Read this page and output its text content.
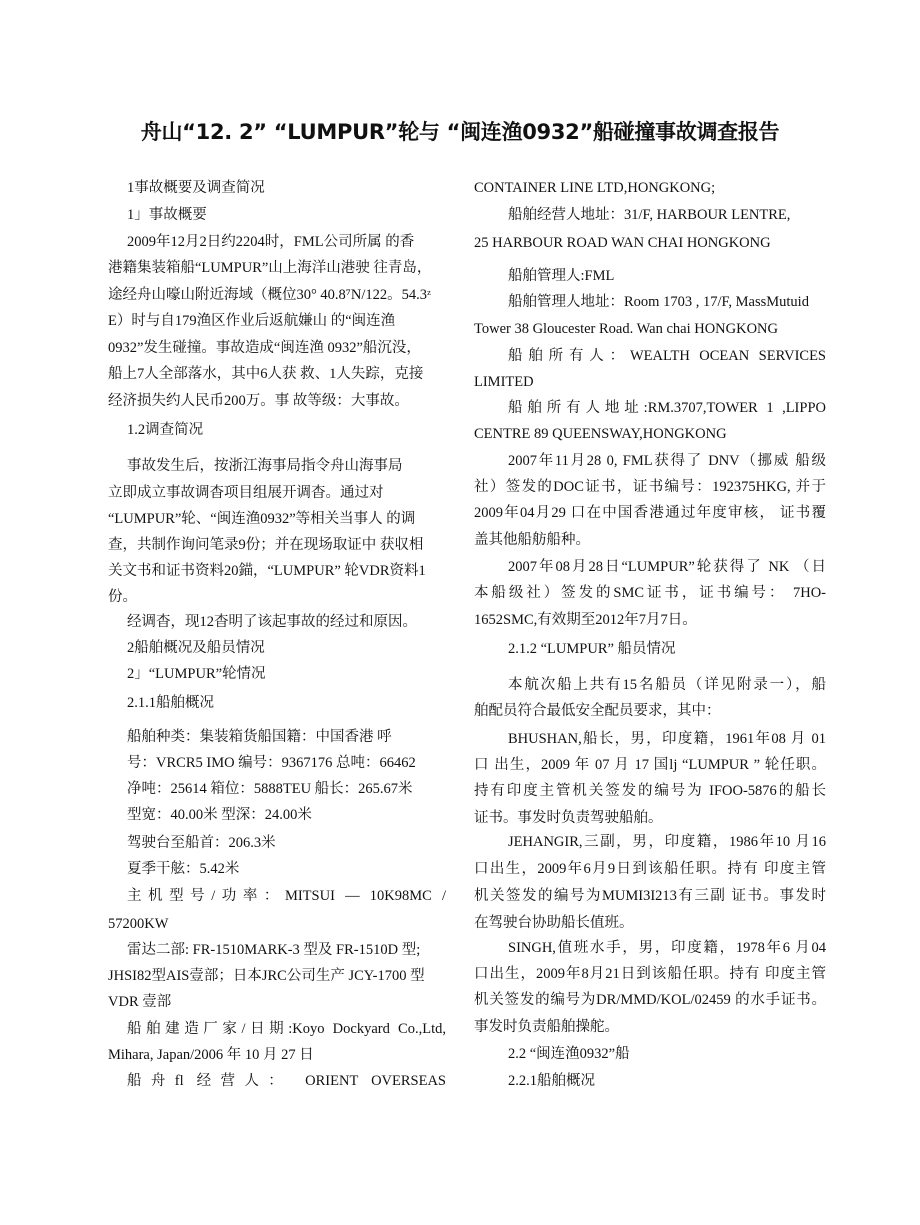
舟山“12. 2” “LUMPUR”轮与 “闽连渔0932”船碰撞事故调查报告
1事故概要及调查简况
1」事故概要
2009年12月2日约2204时，FML公司所属 的香
港籍集装箱船“LUMPUR”山上海洋山港驶 往青岛，
途经舟山嚎山附近海域（概位30° 40.8⁷N/122。54.3ᶻ
E）时与自179渔区作业后返航嫌山 的“闽连渔
0932”发生碰撞。事故造成“闽连渔 0932”船沉没，
船上7人全部落水，其中6人获 救、1人失踪，克接
经济损失约人民币200万。事 故等级：大事故。
1.2调查简况
事故发生后，按浙江海事局指令舟山海事局
立即成立事故调杳项目组展开调杳。通过对
“LUMPUR”轮、“闽连渔0932”等相关当事人 的调
查，共制作询问笔录9份；并在现场取证中 获収相
关文书和证书资料20錨，“LUMPUR” 轮VDR资料1
份。
经调杳，现12杳明了该起事故的经过和原因。
2船舶概况及船员情况
2」“LUMPUR”轮情况
2.1.1船舶概况
船舶种类：集装箱货船国籍：中国香港 呼
号：VRCR5 IMO 编号：9367176 总吨：66462
净吨：25614 箱位：5888TEU 船长：265.67米
型宽：40.00米 型深：24.00米
驾驶台至船首：206.3米
夏季干舷：5.42米
主机型号/功率：MITSUI — 10K98MC /
57200KW
雷达二部: FR-1510MARK-3 型及 FR-1510D 型;
JHSI82型AIS壹部；日本JRC公司生产 JCY-1700 型
VDR 壹部
船舶建造厂家/日期:Koyo Dockyard Co.,Ltd,
Mihara, Japan/2006 年 10 月 27 日
船舟fl 经营人： ORIENT OVERSEAS
CONTAINER LINE LTD,HONGKONG;
船舶经营人地址：31/F, HARBOUR LENTRE,
25 HARBOUR ROAD WAN CHAI HONGKONG
船舶管理人:FML
船舶管理人地址：Room 1703 , 17/F, MassMutuid
Tower 38 Gloucester Road. Wan chai HONGKONG
船舶所有人：WEALTH OCEAN SERVICES
LIMITED
船舶所有人地址:RM.3707,TOWER 1 ,LIPPO
CENTRE 89 QUEENSWAY,HONGKONG
2007年11月28 0, FML获得了 DNV（挪威 船级
社）签发的DOC证书，证书编号：192375HKG, 并于
2009年04月29 口在中国香港通过年度审核， 证书覆
盖其他船舫船种。
2007年08月28日“LUMPUR”轮获得了 NK （日
本船级社）签发的SMC证书，证书编号： 7HO-
1652SMC,有效期至2012年7月7日。
2.1.2 “LUMPUR” 船员情况
本航次船上共有15名船员（详见附录一），船
舶配员符合最低安全配员要求，其中：
BHUSHAN,船长，男，印度籍，1961年08 月 01
口 出生，2009 年 07 月 17 国lj “LUMPUR ” 轮任职。
持有印度主管机关签发的编号为 IFOO-5876的船长
证书。事发时负责驾驶船舶。
JEHANGIR,三副，男，印度籍，1986年10 月16
口出生，2009年6月9日到该船任职。持有 印度主管
机关签发的编号为MUMI3I213有三副 证书。事发时
在驾驶台协助船长值班。
SINGH,值班水手，男，印度籍，1978年6 月04
口出生，2009年8月21日到该船任职。持有 印度主管
机关签发的编号为DR/MMD/KOL/02459 的水手证书。
事发时负责船舶操舵。
2.2 “闽连渔0932”船
2.2.1船舶概况
